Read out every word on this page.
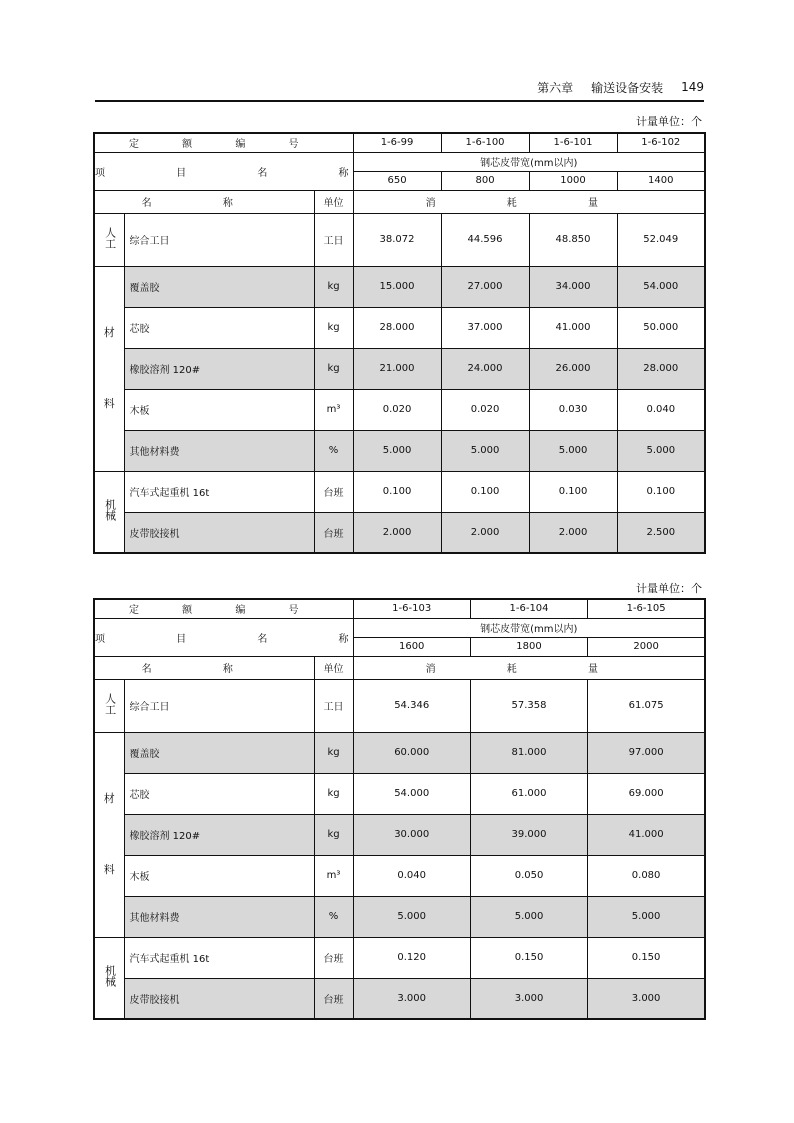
第六章 输送设备安装 149
计量单位：个
定 额 编 号			1-6-99	1-6-100	1-6-101	1-6-102
项 目 名 称			钢芯皮带宽(mm以内)			
			650	800	1000	1400
名 称		单位	消 耗 量			
人工	综合工日	工日	38.072	44.596	48.850	52.049

材
料	覆盖胶	kg	15.000	27.000	34.000	54.000
	芯胶	kg	28.000	37.000	41.000	50.000
	橡胶溶剂 120#	kg	21.000	24.000	26.000	28.000
	木板	m³	0.020	0.020	0.030	0.040
	其他材料费	%	5.000	5.000	5.000	5.000
机械	汽车式起重机 16t	台班	0.100	0.100	0.100	0.100
	皮带胶接机	台班	2.000	2.000	2.000	2.500
计量单位：个
定 额 编 号			1-6-103	1-6-104	1-6-105
项 目 名 称			钢芯皮带宽(mm以内)		
			1600	1800	2000
名 称		单位	消 耗 量		
人工	综合工日	工日	54.346	57.358	61.075

材
料	覆盖胶	kg	60.000	81.000	97.000
	芯胶	kg	54.000	61.000	69.000
	橡胶溶剂 120#	kg	30.000	39.000	41.000
	木板	m³	0.040	0.050	0.080
	其他材料费	%	5.000	5.000	5.000
机械	汽车式起重机 16t	台班	0.120	0.150	0.150
	皮带胶接机	台班	3.000	3.000	3.000
